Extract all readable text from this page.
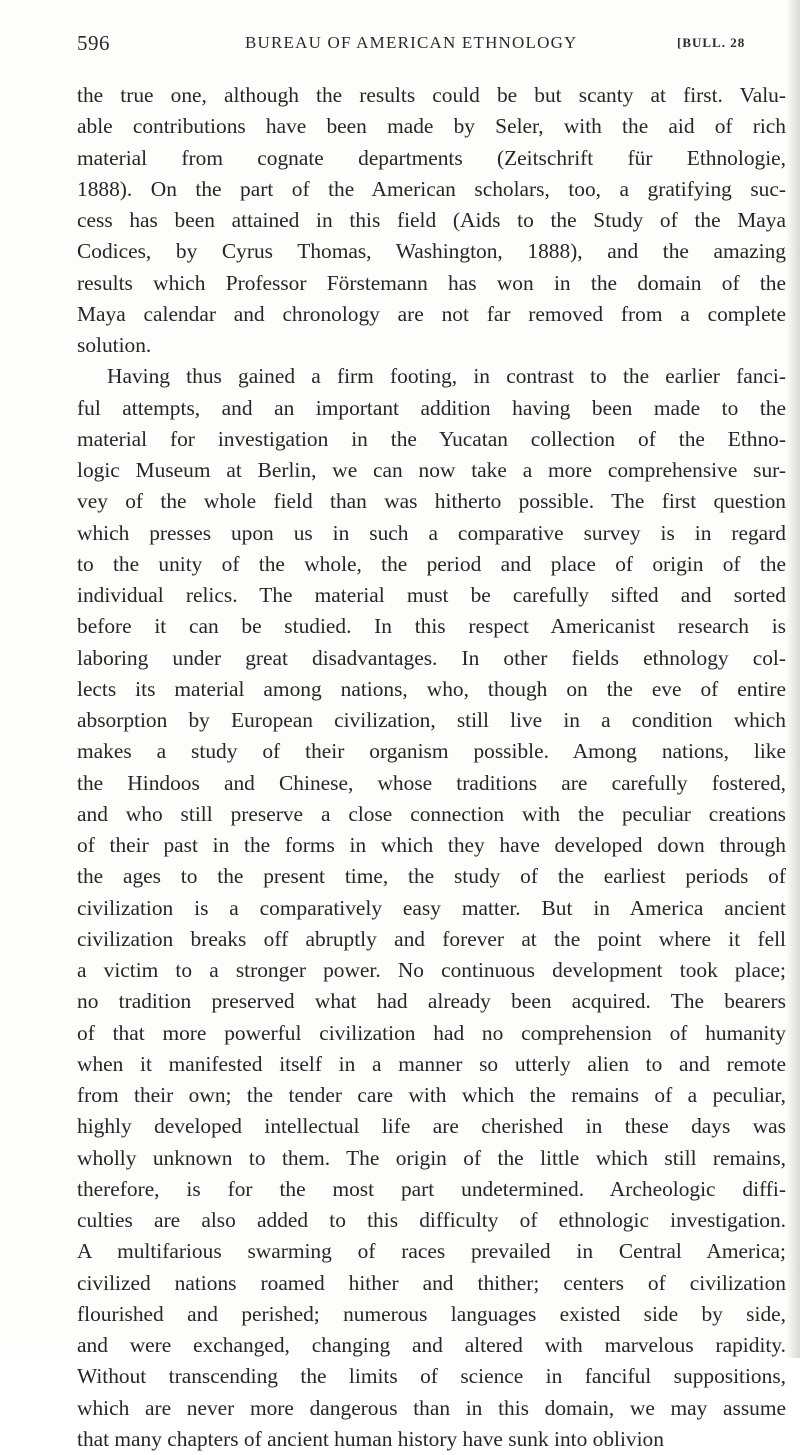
596	BUREAU OF AMERICAN ETHNOLOGY	[BULL. 28
the true one, although the results could be but scanty at first. Valu-
able contributions have been made by Seler, with the aid of rich
material from cognate departments (Zeitschrift für Ethnologie,
1888). On the part of the American scholars, too, a gratifying suc-
cess has been attained in this field (Aids to the Study of the Maya
Codices, by Cyrus Thomas, Washington, 1888), and the amazing
results which Professor Förstemann has won in the domain of the
Maya calendar and chronology are not far removed from a complete
solution.
Having thus gained a firm footing, in contrast to the earlier fanci-
ful attempts, and an important addition having been made to the
material for investigation in the Yucatan collection of the Ethno-
logic Museum at Berlin, we can now take a more comprehensive sur-
vey of the whole field than was hitherto possible. The first question
which presses upon us in such a comparative survey is in regard
to the unity of the whole, the period and place of origin of the
individual relics. The material must be carefully sifted and sorted
before it can be studied. In this respect Americanist research is
laboring under great disadvantages. In other fields ethnology col-
lects its material among nations, who, though on the eve of entire
absorption by European civilization, still live in a condition which
makes a study of their organism possible. Among nations, like
the Hindoos and Chinese, whose traditions are carefully fostered,
and who still preserve a close connection with the peculiar creations
of their past in the forms in which they have developed down through
the ages to the present time, the study of the earliest periods of
civilization is a comparatively easy matter. But in America ancient
civilization breaks off abruptly and forever at the point where it fell
a victim to a stronger power. No continuous development took place;
no tradition preserved what had already been acquired. The bearers
of that more powerful civilization had no comprehension of humanity
when it manifested itself in a manner so utterly alien to and remote
from their own; the tender care with which the remains of a peculiar,
highly developed intellectual life are cherished in these days was
wholly unknown to them. The origin of the little which still remains,
therefore, is for the most part undetermined. Archeologic diffi-
culties are also added to this difficulty of ethnologic investigation.
A multifarious swarming of races prevailed in Central America;
civilized nations roamed hither and thither; centers of civilization
flourished and perished; numerous languages existed side by side,
and were exchanged, changing and altered with marvelous rapidity.
Without transcending the limits of science in fanciful suppositions,
which are never more dangerous than in this domain, we may assume
that many chapters of ancient human history have sunk into oblivion
